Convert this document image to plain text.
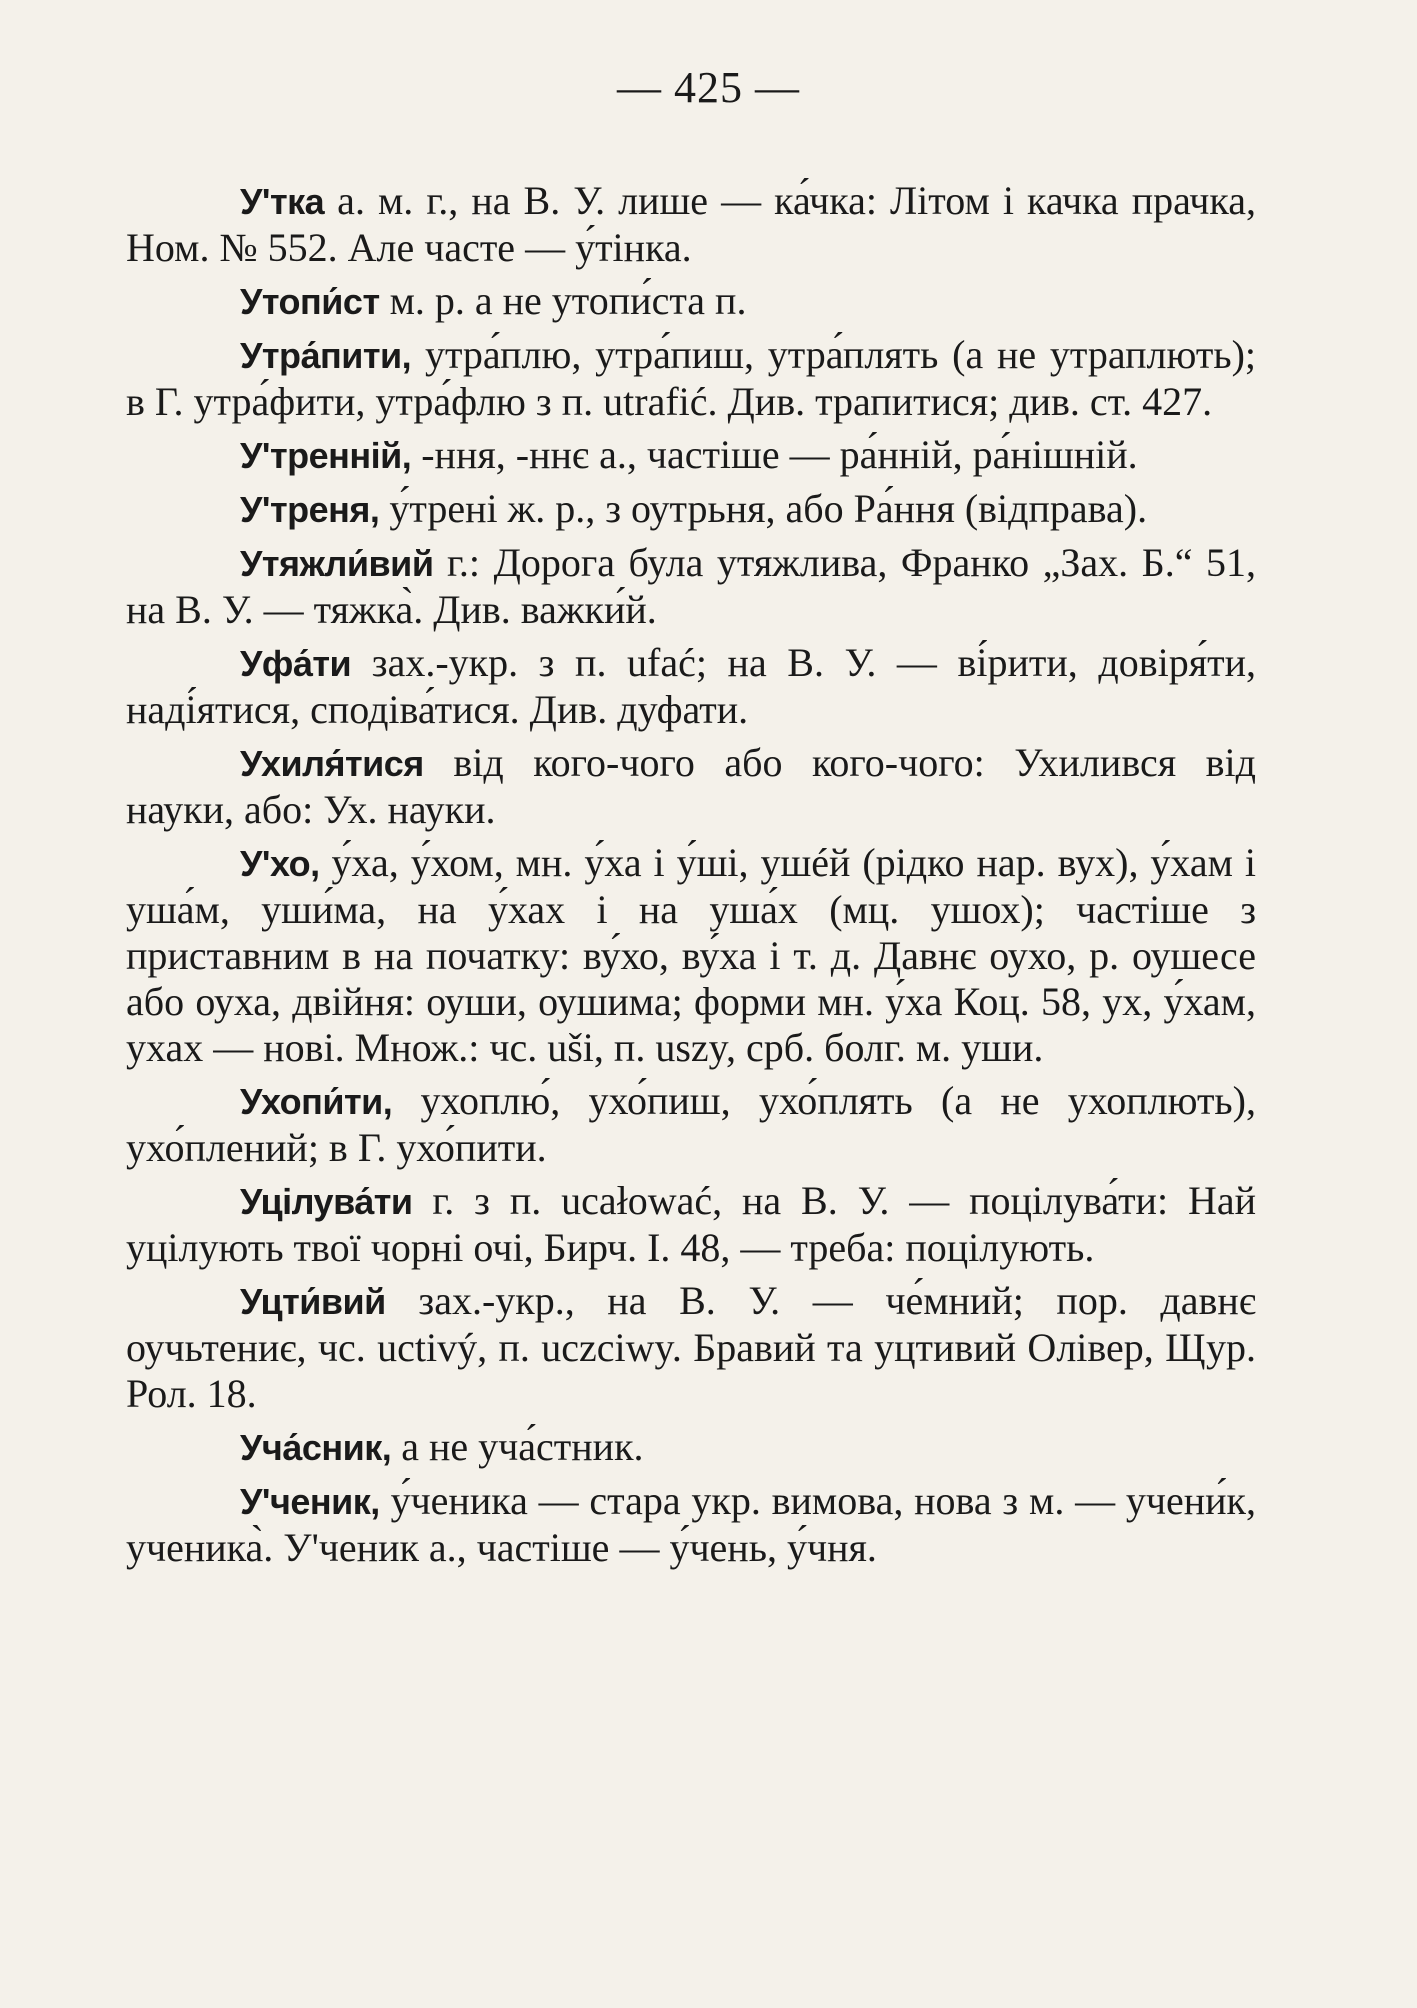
— 425 —

У'тка а. м. г., на В. У. лише — ка́чка: Літом і качка прачка, Ном. № 552. Але часте — у́тінка.

Утопи́ст м. р. а не утопи́ста п.

Утра́пити, утра́плю, утра́пиш, утра́плять (а не утраплють); в Г. утра́фити, утра́флю з п. utrafić. Див. трапитися; див. ст. 427.

У'тренній, -ння, -ннє а., частіше — ра́нній, ра́нішній.

У'треня, у́трені ж. р., з оутрьня, або Ра́ння (відправа).

Утяжли́вий г.: Дорога була утяжлива, Франко „Зах. Б.“ 51, на В. У. — тяжка̀. Див. важки́й.

Уфа́ти зах.-укр. з п. ufać; на В. У. — ві́рити, довіря́ти, наді́ятися, сподіва́тися. Див. дуфати.

Ухиля́тися від кого-чого або кого-чого: Ухилився від науки, або: Ух. науки.

У'хо, у́ха, у́хом, мн. у́ха і у́ші, ушéй (рідко нар. вух), у́хам і уша́м, уши́ма, на у́хах і на уша́х (мц. ушох); частіше з приставним в на початку: ву́хо, ву́ха і т. д. Давнє оухо, р. оушесе або оуха, двійня: оуши, оушима; форми мн. у́ха Коц. 58, ух, у́хам, ухах — нові. Множ.: чс. uši, п. uszy, срб. болг. м. уши.

Ухопи́ти, ухоплю́, ухо́пиш, ухо́плять (а не ухоплють), ухо́плений; в Г. ухо́пити.

Уцілува́ти г. з п. ucałować, на В. У. — поцілува́ти: Най уцілують твої чорні очі, Бирч. І. 48, — треба: поцілують.

Уцти́вий зах.-укр., на В. У. — че́мний; пор. давнє оучьтениє, чс. uctivý, п. uczciwy. Бравий та уцтивий Олівер, Щур. Рол. 18.

Уча́сник, а не уча́стник.

У'ченик, у́ченика — стара укр. вимова, нова з м. — учени́к, ученика̀. У'ченик а., частіше — у́чень, у́чня.
